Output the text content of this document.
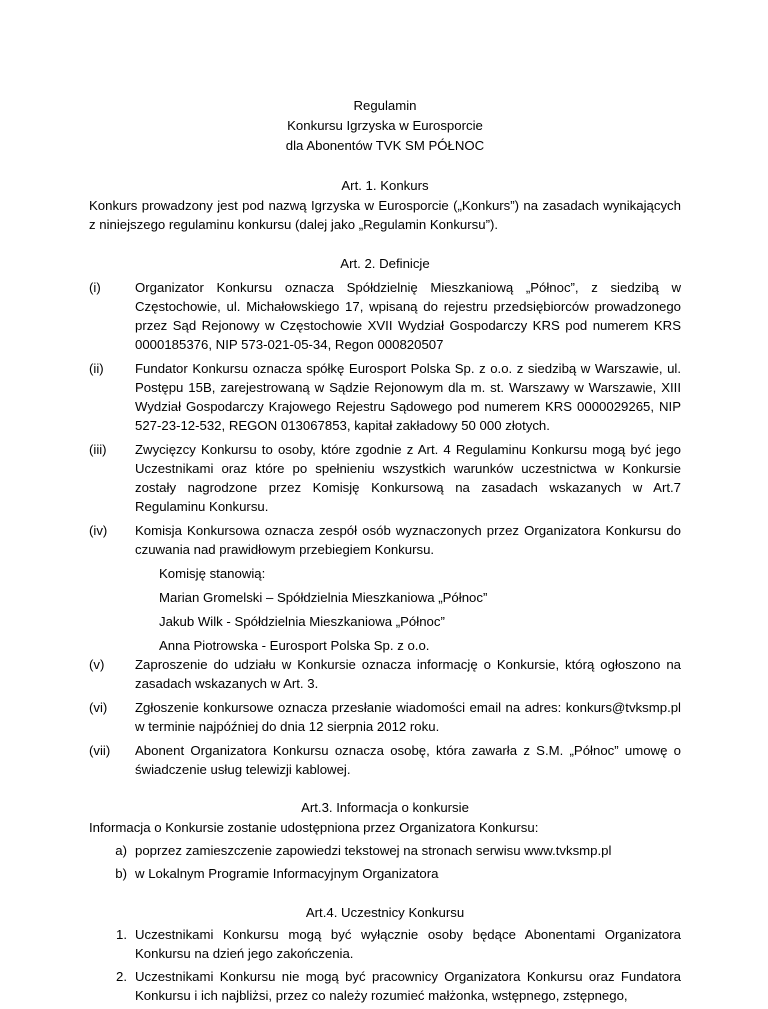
Regulamin
Konkursu Igrzyska w Eurosporcie
dla Abonentów TVK SM PÓŁNOC
Art. 1. Konkurs
Konkurs prowadzony jest pod nazwą Igrzyska w Eurosporcie („Konkurs”) na zasadach wynikających z niniejszego regulaminu konkursu (dalej jako „Regulamin Konkursu”).
Art. 2. Definicje
(i)	Organizator Konkursu oznacza Spółdzielnię Mieszkaniową „Północ”, z siedzibą w Częstochowie, ul. Michałowskiego 17, wpisaną do rejestru przedsiębiorców prowadzonego przez Sąd Rejonowy w Częstochowie XVII Wydział Gospodarczy KRS pod numerem KRS 0000185376, NIP 573-021-05-34, Regon 000820507
(ii)	Fundator Konkursu oznacza spółkę Eurosport Polska Sp. z o.o. z siedzibą w Warszawie, ul. Postępu 15B, zarejestrowaną w Sądzie Rejonowym dla m. st. Warszawy w Warszawie, XIII Wydział Gospodarczy Krajowego Rejestru Sądowego pod numerem KRS 0000029265, NIP 527-23-12-532, REGON 013067853, kapitał zakładowy 50 000 złotych.
(iii)	Zwycięzcy Konkursu to osoby, które zgodnie z Art. 4 Regulaminu Konkursu mogą być jego Uczestnikami oraz które po spełnieniu wszystkich warunków uczestnictwa w Konkursie zostały nagrodzone przez Komisję Konkursową na zasadach wskazanych w Art.7 Regulaminu Konkursu.
(iv)	Komisja Konkursowa oznacza zespół osób wyznaczonych przez Organizatora Konkursu do czuwania nad prawidłowym przebiegiem Konkursu.
Komisję stanowią:
Marian Gromelski – Spółdzielnia Mieszkaniowa „Północ”
Jakub Wilk - Spółdzielnia Mieszkaniowa „Północ”
Anna Piotrowska - Eurosport Polska Sp. z o.o.
(v)	Zaproszenie do udziału w Konkursie oznacza informację o Konkursie, którą ogłoszono na zasadach wskazanych w Art. 3.
(vi)	Zgłoszenie konkursowe oznacza przesłanie wiadomości email na adres: konkurs@tvksmp.pl w terminie najpóźniej do dnia 12 sierpnia 2012 roku.
(vii)	Abonent Organizatora Konkursu oznacza osobę, która zawarła z S.M. „Północ” umowę o świadczenie usług telewizji kablowej.
Art.3. Informacja o konkursie
Informacja o Konkursie zostanie udostępniona przez Organizatora Konkursu:
a) poprzez zamieszczenie zapowiedzi tekstowej na stronach serwisu www.tvksmp.pl
b) w Lokalnym Programie Informacyjnym Organizatora
Art.4. Uczestnicy Konkursu
1. Uczestnikami Konkursu mogą być wyłącznie osoby będące Abonentami Organizatora Konkursu na dzień jego zakończenia.
2. Uczestnikami Konkursu nie mogą być pracownicy Organizatora Konkursu oraz Fundatora Konkursu i ich najbliżsi, przez co należy rozumieć małżonka, wstępnego, zstępnego,
